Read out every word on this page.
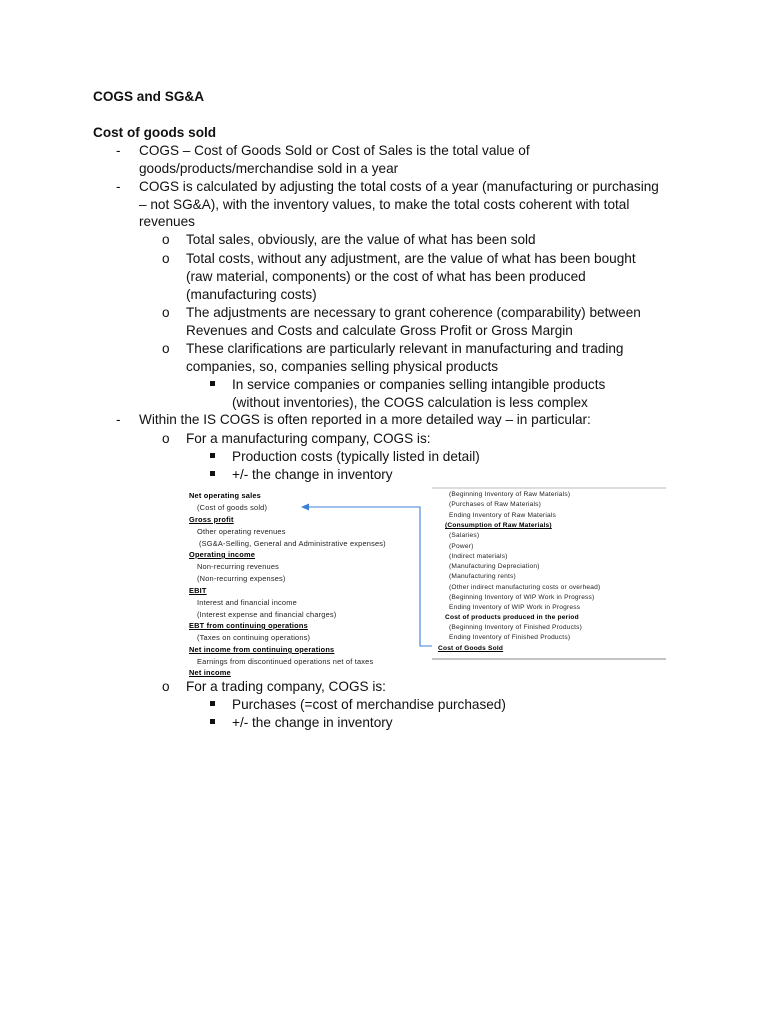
COGS and SG&A
Cost of goods sold
- COGS – Cost of Goods Sold or Cost of Sales is the total value of
goods/products/merchandise sold in a year
- COGS is calculated by adjusting the total costs of a year (manufacturing or purchasing
– not SG&A), with the inventory values, to make the total costs coherent with total
revenues
o Total sales, obviously, are the value of what has been sold
o Total costs, without any adjustment, are the value of what has been bought
(raw material, components) or the cost of what has been produced
(manufacturing costs)
o The adjustments are necessary to grant coherence (comparability) between
Revenues and Costs and calculate Gross Profit or Gross Margin
o These clarifications are particularly relevant in manufacturing and trading
companies, so, companies selling physical products
In service companies or companies selling intangible products
(without inventories), the COGS calculation is less complex
- Within the IS COGS is often reported in a more detailed way – in particular:
o For a manufacturing company, COGS is:
Production costs (typically listed in detail)
+/- the change in inventory
Net operating sales
(Cost of goods sold)
Gross profit
Other operating revenues
(SG&A-Selling, General and Administrative expenses)
Operating income
Non-recurring revenues
(Non-recurring expenses)
EBIT
Interest and financial income
(Interest expense and financial charges)
EBT from continuing operations
(Taxes on continuing operations)
Net income from continuing operations
Earnings from discontinued operations net of taxes
Net income
(Beginning Inventory of Raw Materials)
(Purchases of Raw Materials)
Ending Inventory of Raw Materials
(Consumption of Raw Materials)
(Salaries)
(Power)
(Indirect materials)
(Manufacturing Depreciation)
(Manufacturing rents)
(Other indirect manufacturing costs or overhead)
(Beginning Inventory of WIP Work in Progress)
Ending Inventory of WIP Work in Progress
Cost of products produced in the period
(Beginning Inventory of Finished Products)
Ending Inventory of Finished Products)
Cost of Goods Sold
o For a trading company, COGS is:
Purchases (=cost of merchandise purchased)
+/- the change in inventory
